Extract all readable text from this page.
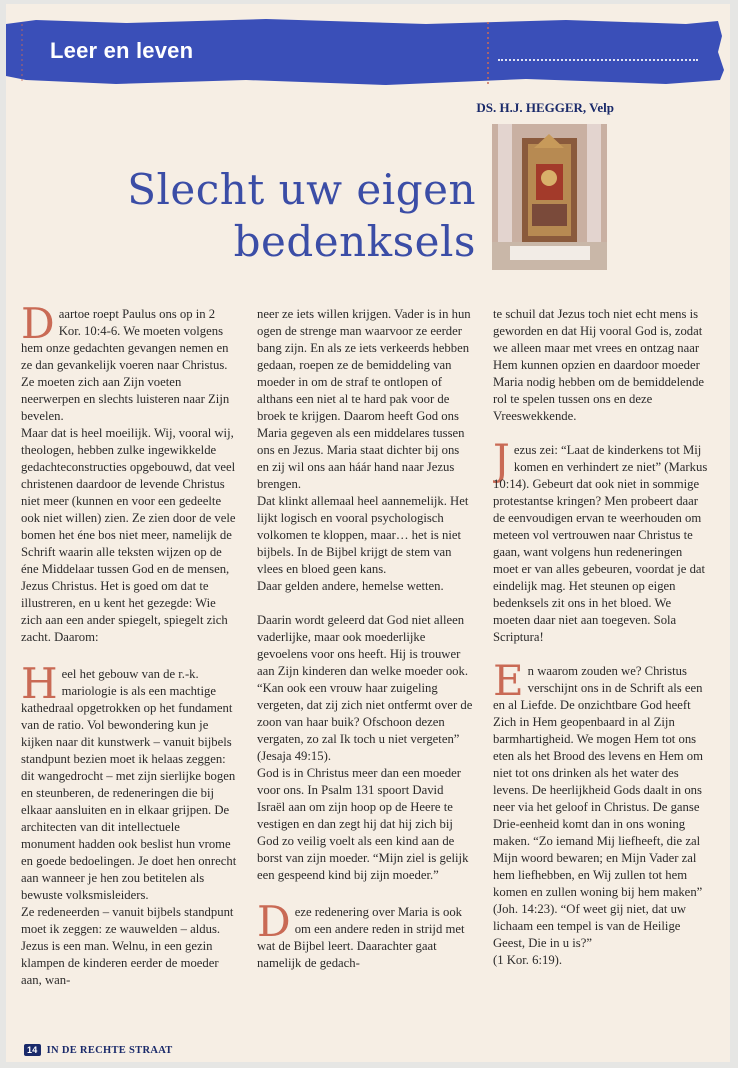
Leer en leven
DS. H.J. HEGGER, Velp
Slecht uw eigen
bedenksels

Daartoe roept Paulus ons op in 2 Kor. 10:4-6. We moeten volgens hem onze gedachten gevangen nemen en ze dan gevankelijk voeren naar Christus. Ze moeten zich aan Zijn voeten neerwerpen en slechts luisteren naar Zijn bevelen.

Maar dat is heel moeilijk. Wij, vooral wij, theologen, hebben zulke ingewikkelde gedachteconstructies opgebouwd, dat veel christenen daardoor de levende Christus niet meer (kunnen en voor een gedeelte ook niet willen) zien. Ze zien door de vele bomen het éne bos niet meer, namelijk de Schrift waarin alle teksten wijzen op de éne Middelaar tussen God en de mensen, Jezus Christus. Het is goed om dat te illustreren, en u kent het gezegde: Wie zich aan een ander spiegelt, spiegelt zich zacht. Daarom:

Heel het gebouw van de r.-k. mariologie is als een machtige kathedraal opgetrokken op het fundament van de ratio. Vol bewondering kun je kijken naar dit kunstwerk – vanuit bijbels standpunt bezien moet ik helaas zeggen: dit wangedrocht – met zijn sierlijke bogen en steunberen, de redeneringen die bij elkaar aansluiten en in elkaar grijpen. De architecten van dit intellectuele monument hadden ook beslist hun vrome en goede bedoelingen. Je doet hen onrecht aan wanneer je hen zou betitelen als bewuste volksmisleiders.

Ze redeneerden – vanuit bijbels standpunt moet ik zeggen: ze wauwelden – aldus. Jezus is een man. Welnu, in een gezin klampen de kinderen eerder de moeder aan, wan-

neer ze iets willen krijgen. Vader is in hun ogen de strenge man waarvoor ze eerder bang zijn. En als ze iets verkeerds hebben gedaan, roepen ze de bemiddeling van moeder in om de straf te ontlopen of althans een niet al te hard pak voor de broek te krijgen. Daarom heeft God ons Maria gegeven als een middelares tussen ons en Jezus. Maria staat dichter bij ons en zij wil ons aan háár hand naar Jezus brengen.

Dat klinkt allemaal heel aannemelijk. Het lijkt logisch en vooral psychologisch volkomen te kloppen, maar… het is niet bijbels. In de Bijbel krijgt de stem van vlees en bloed geen kans.

Daar gelden andere, hemelse wetten.

Daarin wordt geleerd dat God niet alleen vaderlijke, maar ook moederlijke gevoelens voor ons heeft. Hij is trouwer aan Zijn kinderen dan welke moeder ook. “Kan ook een vrouw haar zuigeling vergeten, dat zij zich niet ontfermt over de zoon van haar buik? Ofschoon dezen vergaten, zo zal Ik toch u niet vergeten” (Jesaja 49:15).

God is in Christus meer dan een moeder voor ons. In Psalm 131 spoort David Israël aan om zijn hoop op de Heere te vestigen en dan zegt hij dat hij zich bij God zo veilig voelt als een kind aan de borst van zijn moeder. “Mijn ziel is gelijk een gespeend kind bij zijn moeder.”

Deze redenering over Maria is ook om een andere reden in strijd met wat de Bijbel leert. Daarachter gaat namelijk de gedach-

te schuil dat Jezus toch niet echt mens is geworden en dat Hij vooral God is, zodat we alleen maar met vrees en ontzag naar Hem kunnen opzien en daardoor moeder Maria nodig hebben om de bemiddelende rol te spelen tussen ons en deze Vreeswekkende.

Jezus zei: “Laat de kinderkens tot Mij komen en verhindert ze niet” (Markus 10:14). Gebeurt dat ook niet in sommige protestantse kringen? Men probeert daar de eenvoudigen ervan te weerhouden om meteen vol vertrouwen naar Christus te gaan, want volgens hun redeneringen moet er van alles gebeuren, voordat je dat eindelijk mag. Het steunen op eigen bedenksels zit ons in het bloed. We moeten daar niet aan toegeven. Sola Scriptura!

En waarom zouden we? Christus verschijnt ons in de Schrift als een en al Liefde. De onzichtbare God heeft Zich in Hem geopenbaard in al Zijn barmhartigheid. We mogen Hem tot ons eten als het Brood des levens en Hem om niet tot ons drinken als het water des levens. De heerlijkheid Gods daalt in ons neer via het geloof in Christus. De ganse Drie-eenheid komt dan in ons woning maken. “Zo iemand Mij liefheeft, die zal Mijn woord bewaren; en Mijn Vader zal hem liefhebben, en Wij zullen tot hem komen en zullen woning bij hem maken” (Joh. 14:23). “Of weet gij niet, dat uw lichaam een tempel is van de Heilige Geest, Die in u is?”

(1 Kor. 6:19).

14 IN DE RECHTE STRAAT
